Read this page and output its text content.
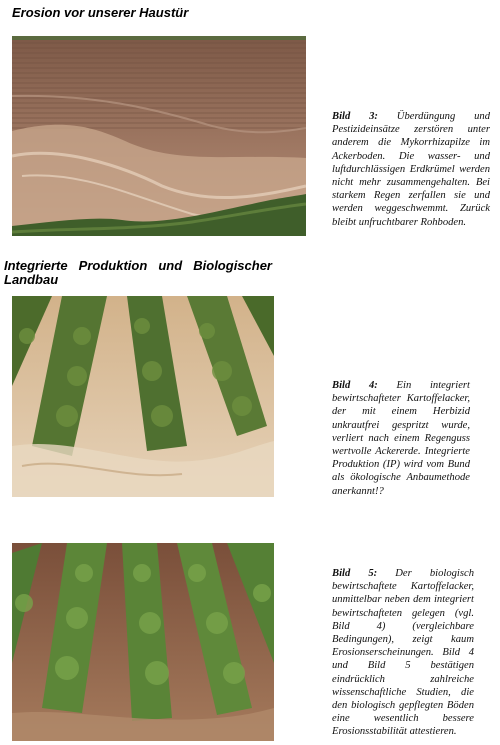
Erosion vor unserer Haustür
Bild 3: Überdüngung und Pestizideinsätze zerstören unter anderem die Mykorrhizapilze im Ackerboden. Die wasser- und luftdurchlässigen Erdkrümel werden nicht mehr zusammengehalten. Bei starkem Regen zerfallen sie und werden weggeschwemmt. Zurück bleibt unfruchtbarer Rohboden.
Integrierte Produktion und Biologischer Landbau
Bild 4: Ein integriert bewirtschafteter Kartoffelacker, der mit einem Herbizid unkrautfrei gespritzt wurde, verliert nach einem Regenguss wertvolle Ackererde. Integrierte Produktion (IP) wird vom Bund als ökologische Anbaumethode anerkannt!?
Bild 5: Der biologisch bewirtschaftete Kartoffelacker, unmittelbar neben dem integriert bewirtschafteten gelegen (vgl. Bild 4) (vergleichbare Bedingungen), zeigt kaum Erosionserscheinungen. Bild 4 und Bild 5 bestätigen eindrücklich zahlreiche wissenschaftliche Studien, die den biologisch gepflegten Böden eine wesentlich bessere Erosionsstabilität attestieren.
